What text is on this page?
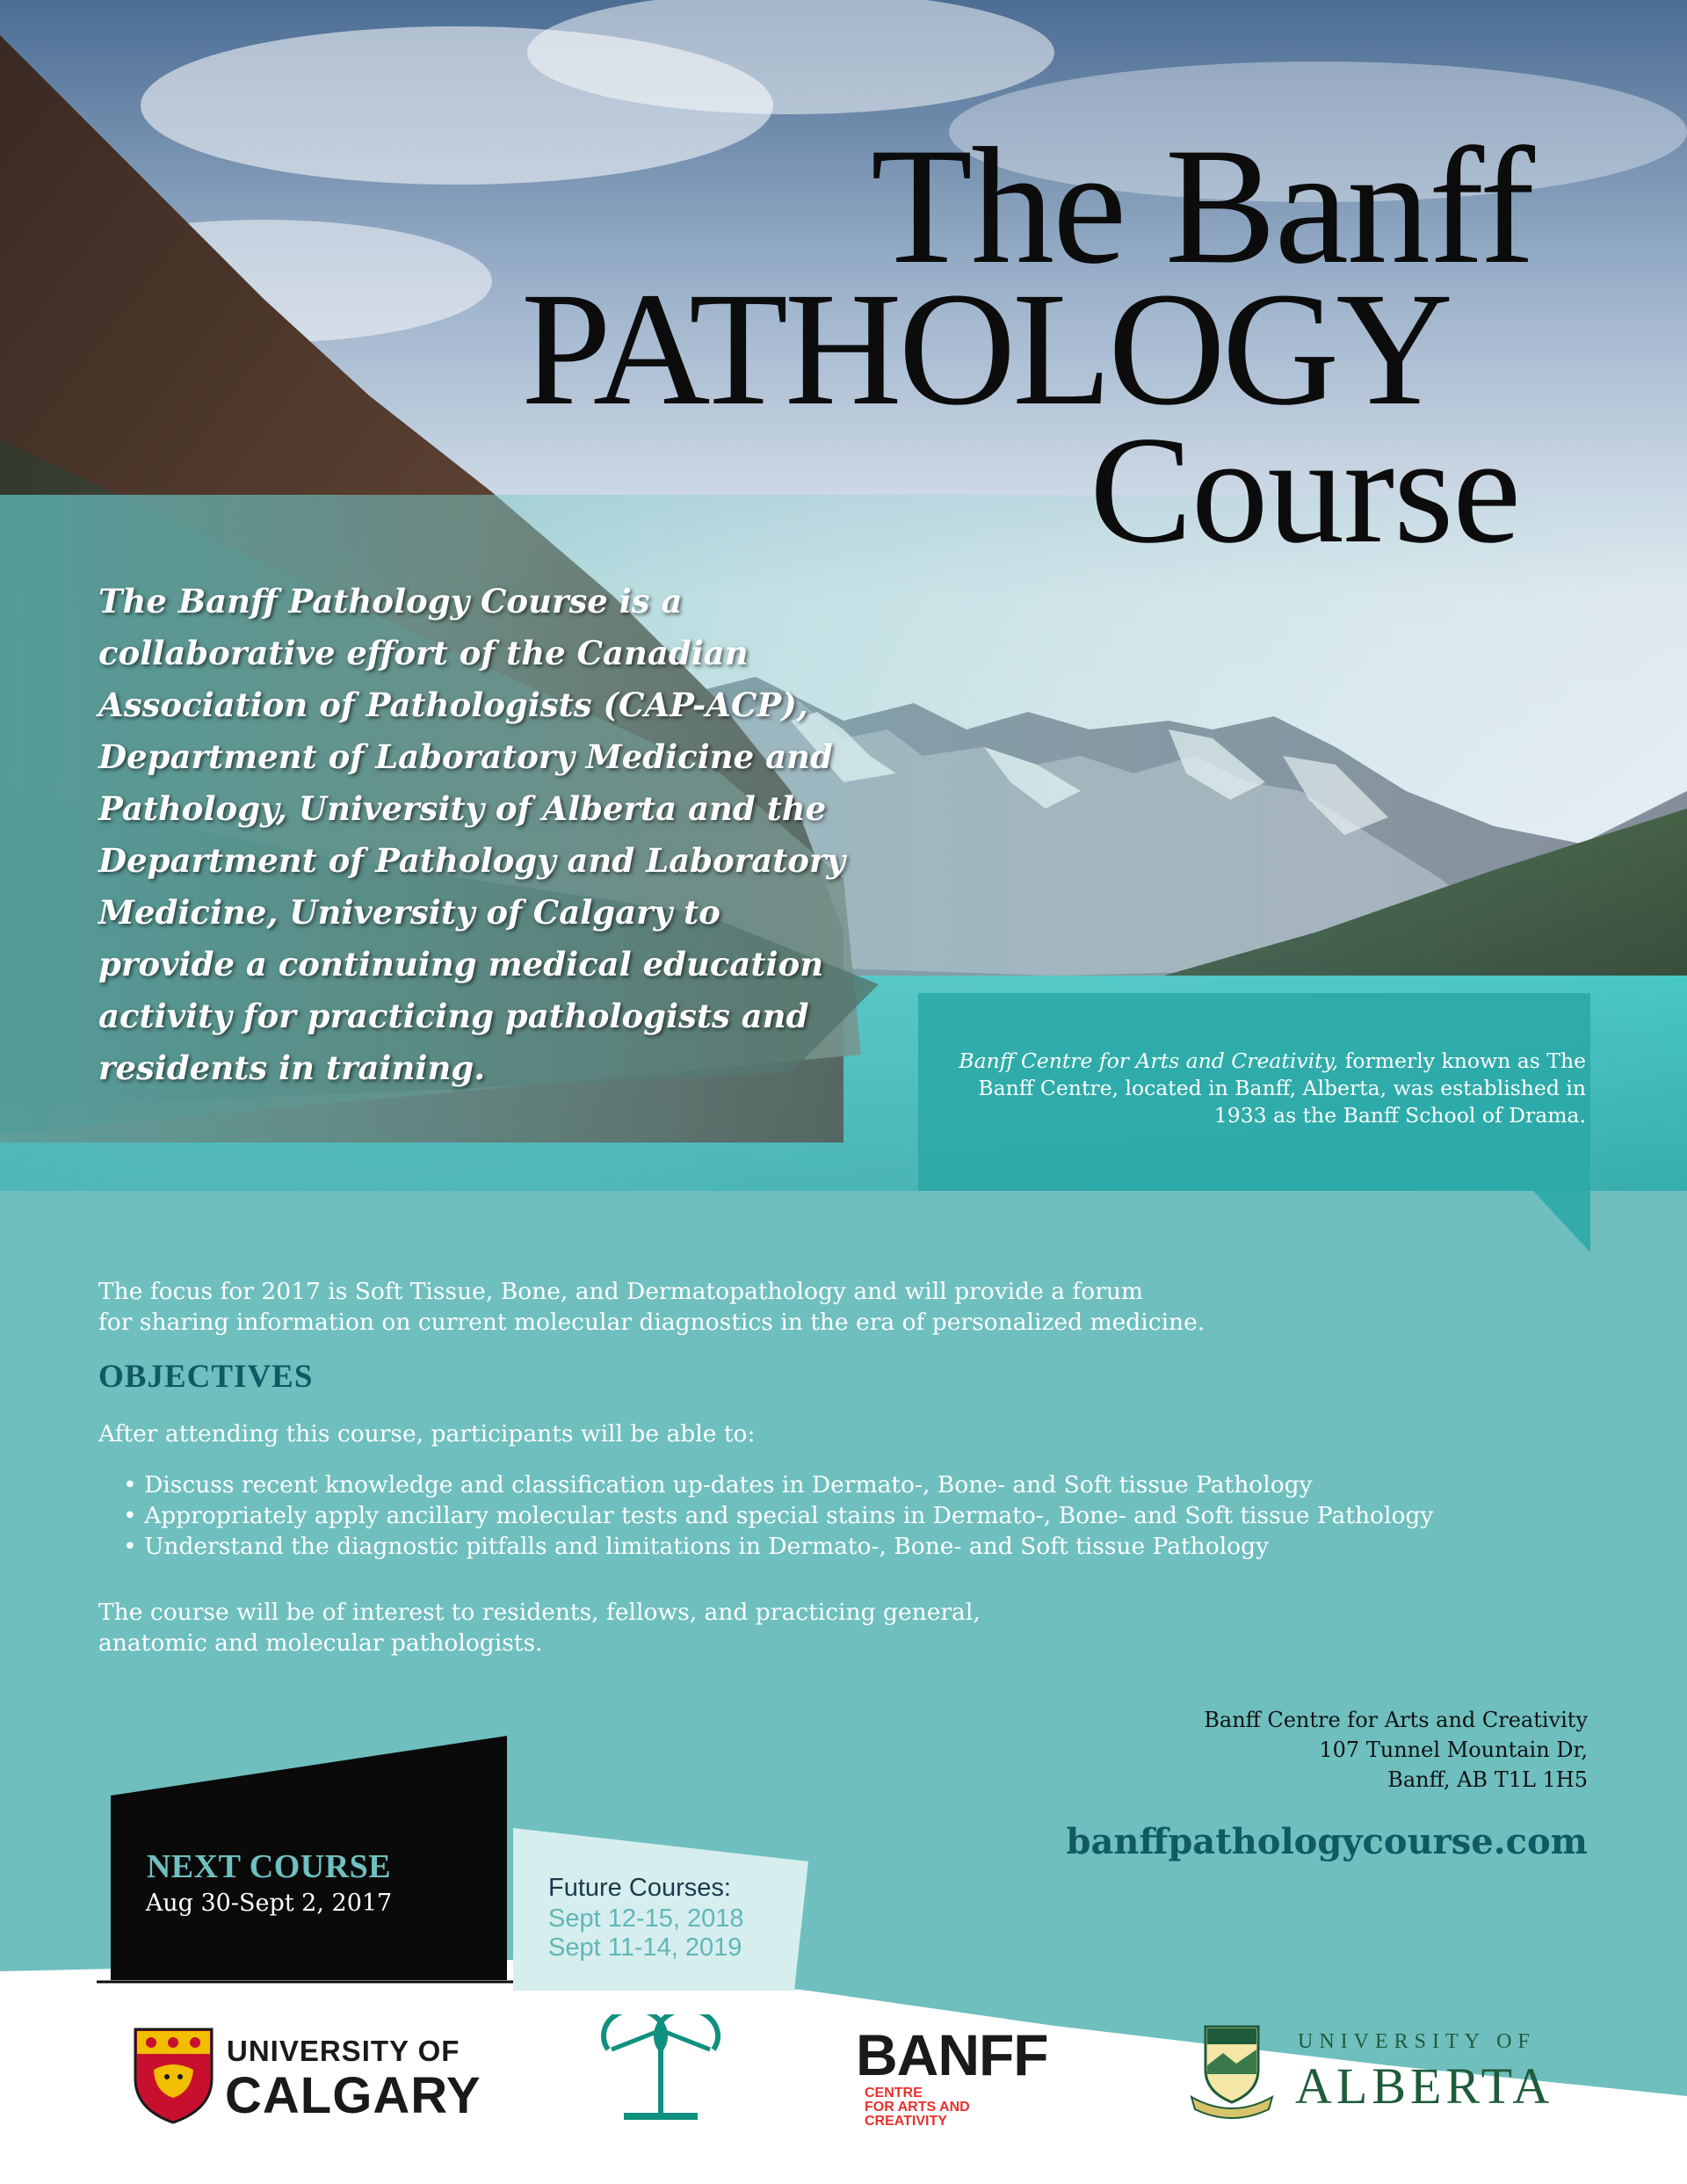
The Banff
PATHOLOGY
Course
The Banff Pathology Course is a collaborative effort of the Canadian Association of Pathologists (CAP-ACP), Department of Laboratory Medicine and Pathology, University of Alberta and the Department of Pathology and Laboratory Medicine, University of Calgary to provide a continuing medical education activity for practicing pathologists and residents in training.	Banff Centre for Arts and Creativity, formerly known as The Banff Centre, located in Banff, Alberta, was established in 1933 as the Banff School of Drama.
The focus for 2017 is Soft Tissue, Bone, and Dermatopathology and will provide a forum
for sharing information on current molecular diagnostics in the era of personalized medicine.
OBJECTIVES
After attending this course, participants will be able to:
• Discuss recent knowledge and classification up-dates in Dermato-, Bone- and Soft tissue Pathology
• Appropriately apply ancillary molecular tests and special stains in Dermato-, Bone- and Soft tissue Pathology
• Understand the diagnostic pitfalls and limitations in Dermato-, Bone- and Soft tissue Pathology
The course will be of interest to residents, fellows, and practicing general,
anatomic and molecular pathologists.
Banff Centre for Arts and Creativity
107 Tunnel Mountain Dr,
Banff, AB T1L 1H5
banffpathologycourse.com
NEXT COURSE
Aug 30-Sept 2, 2017
Future Courses:
Sept 12-15, 2018
Sept 11-14, 2019
UNIVERSITY OF
CALGARY
BANFF
CENTRE
FOR ARTS AND
CREATIVITY
UNIVERSITY OF
ALBERTA
